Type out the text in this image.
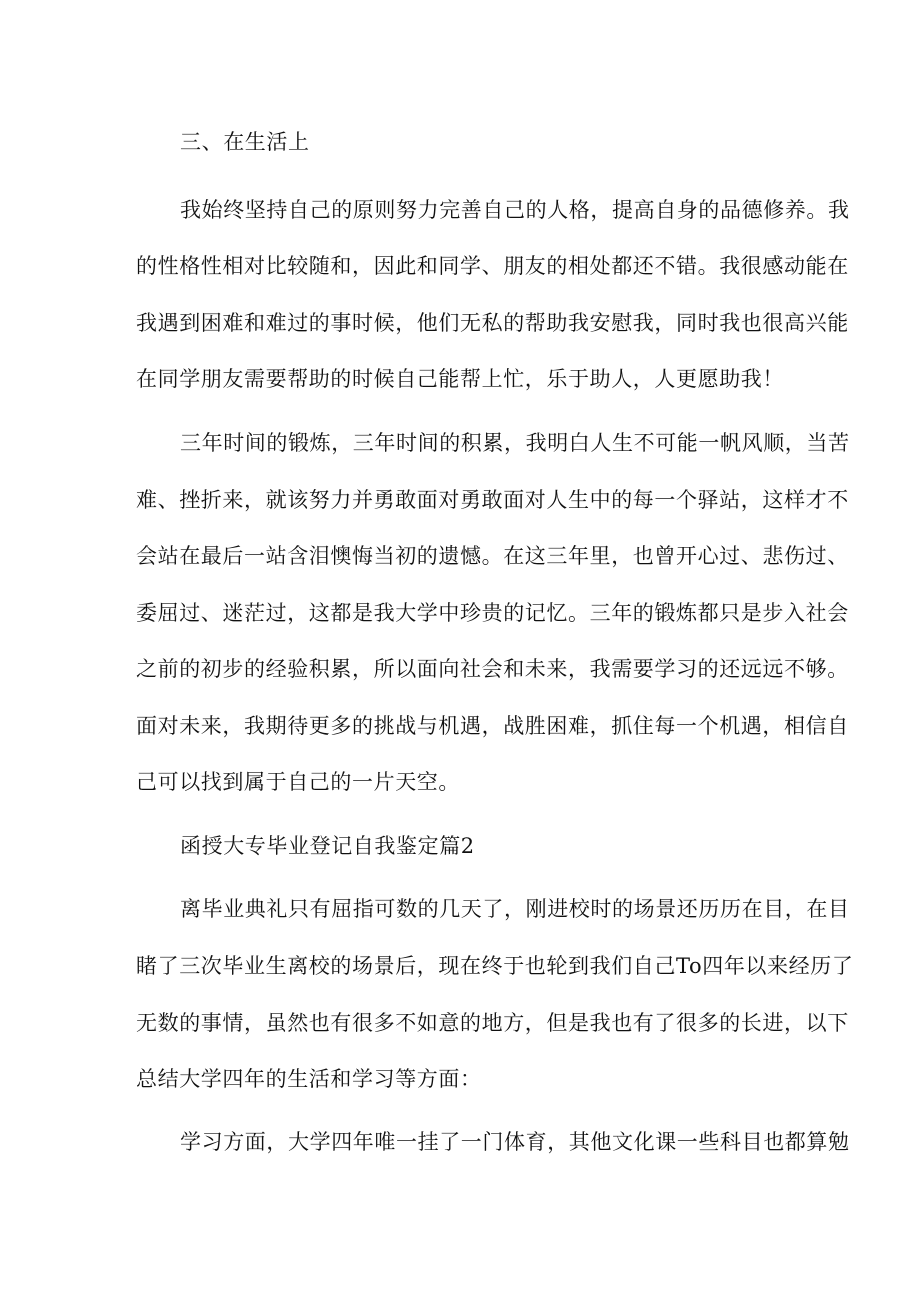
三、在生活上
我始终坚持自己的原则努力完善自己的人格，提高自身的品德修养。我
的性格性相对比较随和，因此和同学、朋友的相处都还不错。我很感动能在
我遇到困难和难过的事时候，他们无私的帮助我安慰我，同时我也很高兴能
在同学朋友需要帮助的时候自己能帮上忙，乐于助人，人更愿助我！
三年时间的锻炼，三年时间的积累，我明白人生不可能一帆风顺，当苦
难、挫折来，就该努力并勇敢面对勇敢面对人生中的每一个驿站，这样才不
会站在最后一站含泪懊悔当初的遗憾。在这三年里，也曾开心过、悲伤过、
委屈过、迷茫过，这都是我大学中珍贵的记忆。三年的锻炼都只是步入社会
之前的初步的经验积累，所以面向社会和未来，我需要学习的还远远不够。
面对未来，我期待更多的挑战与机遇，战胜困难，抓住每一个机遇，相信自
己可以找到属于自己的一片天空。
函授大专毕业登记自我鉴定篇2
离毕业典礼只有屈指可数的几天了，刚进校时的场景还历历在目，在目
睹了三次毕业生离校的场景后，现在终于也轮到我们自己To四年以来经历了
无数的事情，虽然也有很多不如意的地方，但是我也有了很多的长进，以下
总结大学四年的生活和学习等方面：
学习方面，大学四年唯一挂了一门体育，其他文化课一些科目也都算勉
